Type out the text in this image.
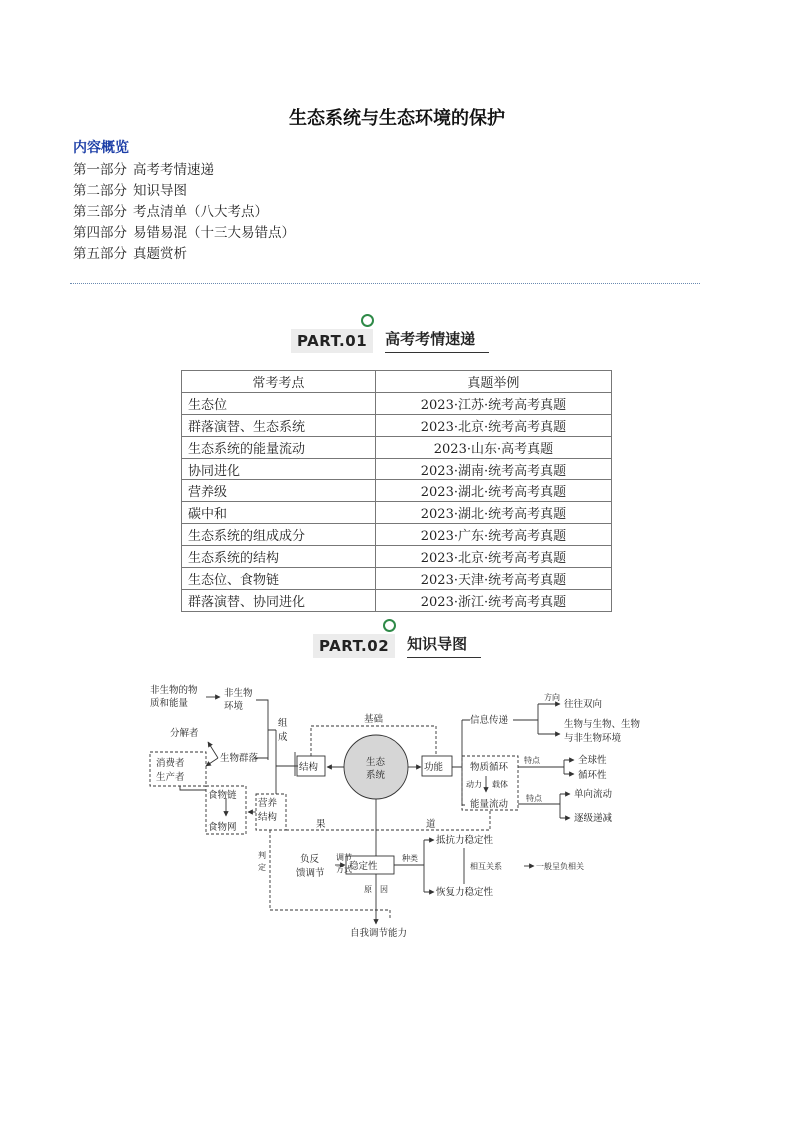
生态系统与生态环境的保护
内容概览
第一部分 高考考情速递
第二部分 知识导图
第三部分 考点清单（八大考点）
第四部分 易错易混（十三大易错点）
第五部分 真题赏析
PART.01	高考考情速递
常考考点	真题举例
生态位	2023·江苏·统考高考真题
群落演替、生态系统	2023·北京·统考高考真题
生态系统的能量流动	2023·山东·高考真题
协同进化	2023·湖南·统考高考真题
营养级	2023·湖北·统考高考真题
碳中和	2023·湖北·统考高考真题
生态系统的组成成分	2023·广东·统考高考真题
生态系统的结构	2023·北京·统考高考真题
生态位、食物链	2023·天津·统考高考真题
群落演替、协同进化	2023·浙江·统考高考真题
PART.02	知识导图
非生物的物
质和能量
非生物
环境
分解者
消费者
生产者
生物群落
组
成
基础
结构	生态
系统
功能
食物链
食物网
营养
结构
果	道
信息传递
方向
往往双向
生物与生物、生物
与非生物环境
物质循环
特点	全球性
循环性
动力 载体
能量流动
特点	单向流动
逐级递减
判
定
负反
馈调节
调节
方式
稳定性
种类
抵抗力稳定性
相互关系	一般呈负相关
恢复力稳定性
原 因
自我调节能力
